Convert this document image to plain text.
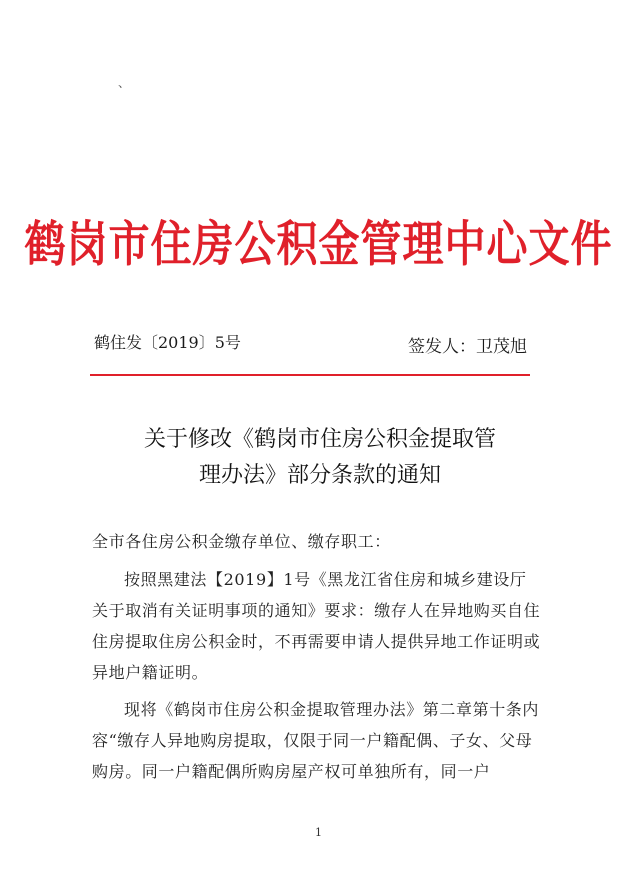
、
鹤岗市住房公积金管理中心文件
鹤住发〔2019〕5号	签发人：卫茂旭
关于修改《鹤岗市住房公积金提取管
理办法》部分条款的通知

全市各住房公积金缴存单位、缴存职工：

按照黑建法【2019】1号《黑龙江省住房和城乡建设厅关于取消有关证明事项的通知》要求：缴存人在异地购买自住住房提取住房公积金时，不再需要申请人提供异地工作证明或异地户籍证明。

现将《鹤岗市住房公积金提取管理办法》第二章第十条内容“缴存人异地购房提取，仅限于同一户籍配偶、子女、父母购房。同一户籍配偶所购房屋产权可单独所有，同一户

1
